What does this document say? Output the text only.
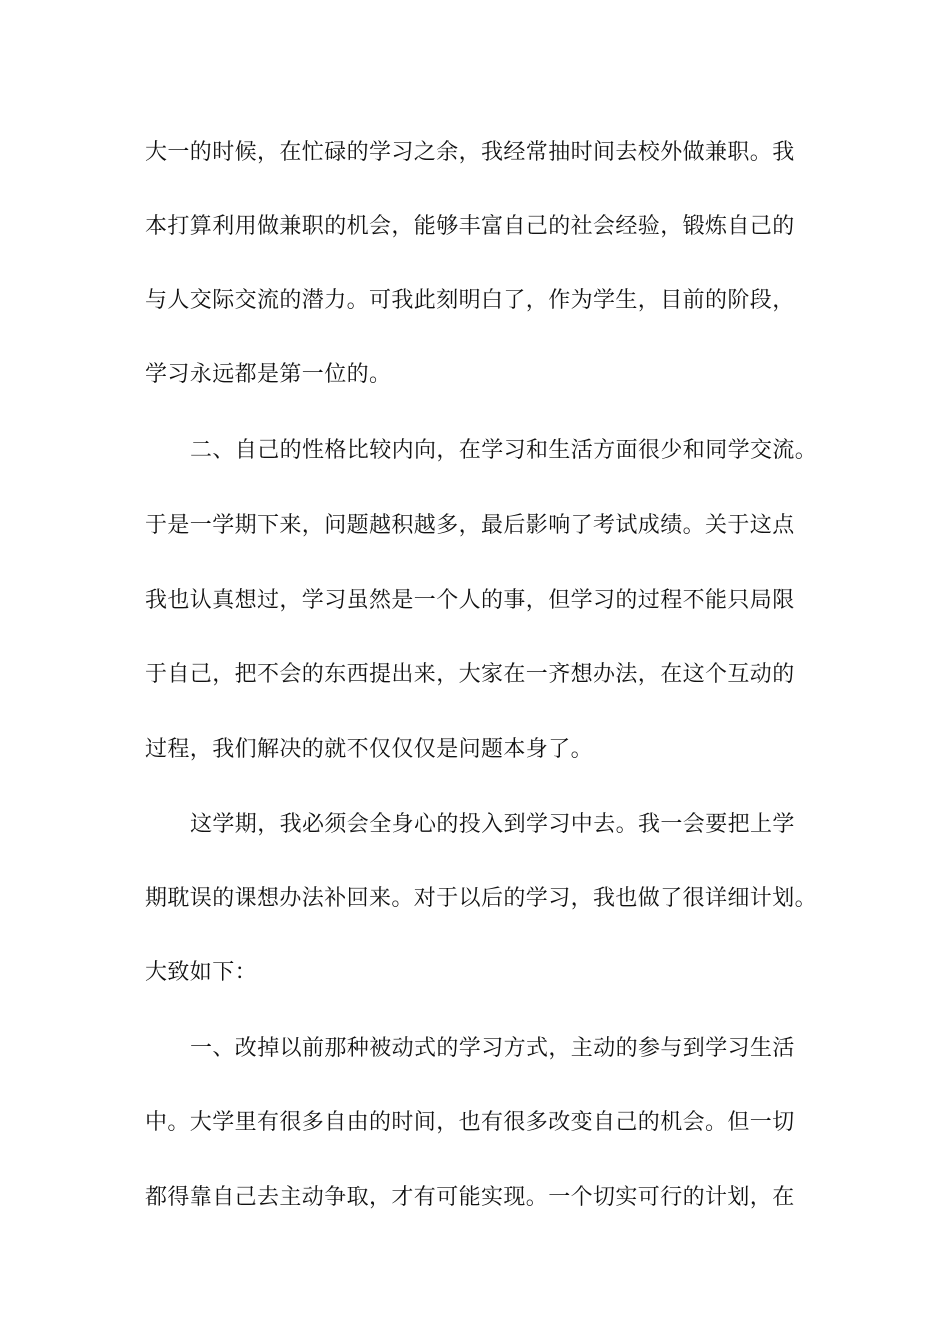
大一的时候，在忙碌的学习之余，我经常抽时间去校外做兼职。我
本打算利用做兼职的机会，能够丰富自己的社会经验，锻炼自己的
与人交际交流的潜力。可我此刻明白了，作为学生，目前的阶段，
学习永远都是第一位的。
二、自己的性格比较内向，在学习和生活方面很少和同学交流。
于是一学期下来，问题越积越多，最后影响了考试成绩。关于这点
我也认真想过，学习虽然是一个人的事，但学习的过程不能只局限
于自己，把不会的东西提出来，大家在一齐想办法，在这个互动的
过程，我们解决的就不仅仅仅是问题本身了。
这学期，我必须会全身心的投入到学习中去。我一会要把上学
期耽误的课想办法补回来。对于以后的学习，我也做了很详细计划。
大致如下：
一、改掉以前那种被动式的学习方式，主动的参与到学习生活
中。大学里有很多自由的时间，也有很多改变自己的机会。但一切
都得靠自己去主动争取，才有可能实现。一个切实可行的计划，在
